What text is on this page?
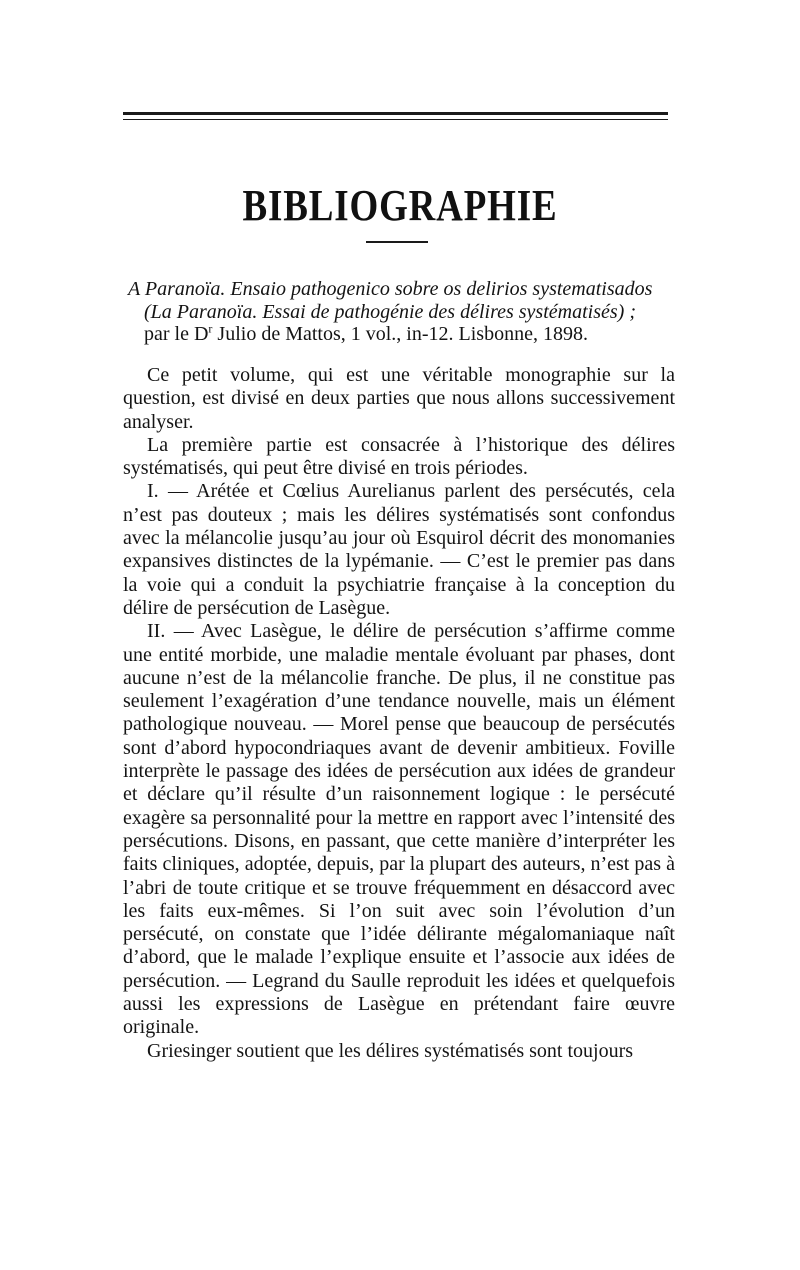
BIBLIOGRAPHIE
A Paranoïa. Ensaio pathogenico sobre os delirios systematisados
(La Paranoïa. Essai de pathogénie des délires systématisés) ;
par le $D^r$ Julio de Mattos, 1 vol., in-12. Lisbonne, 1898.

Ce petit volume, qui est une véritable monographie sur la question, est divisé en deux parties que nous allons successivement analyser.

La première partie est consacrée à l’historique des délires systématisés, qui peut être divisé en trois périodes.

I. — Arétée et Cœlius Aurelianus parlent des persécutés, cela n’est pas douteux ; mais les délires systématisés sont confondus avec la mélancolie jusqu’au jour où Esquirol décrit des monomanies expansives distinctes de la lypémanie. — C’est le premier pas dans la voie qui a conduit la psychiatrie française à la conception du délire de persécution de Lasègue.

II. — Avec Lasègue, le délire de persécution s’affirme comme une entité morbide, une maladie mentale évoluant par phases, dont aucune n’est de la mélancolie franche. De plus, il ne constitue pas seulement l’exagération d’une tendance nouvelle, mais un élément pathologique nouveau. — Morel pense que beaucoup de persécutés sont d’abord hypocondriaques avant de devenir ambitieux. Foville interprète le passage des idées de persécution aux idées de grandeur et déclare qu’il résulte d’un raisonnement logique : le persécuté exagère sa personnalité pour la mettre en rapport avec l’intensité des persécutions. Disons, en passant, que cette manière d’interpréter les faits cliniques, adoptée, depuis, par la plupart des auteurs, n’est pas à l’abri de toute critique et se trouve fréquemment en désaccord avec les faits eux-mêmes. Si l’on suit avec soin l’évolution d’un persécuté, on constate que l’idée délirante mégalomaniaque naît d’abord, que le malade l’explique ensuite et l’associe aux idées de persécution. — Legrand du Saulle reproduit les idées et quelquefois aussi les expressions de Lasègue en prétendant faire œuvre originale.

Griesinger soutient que les délires systématisés sont toujours
